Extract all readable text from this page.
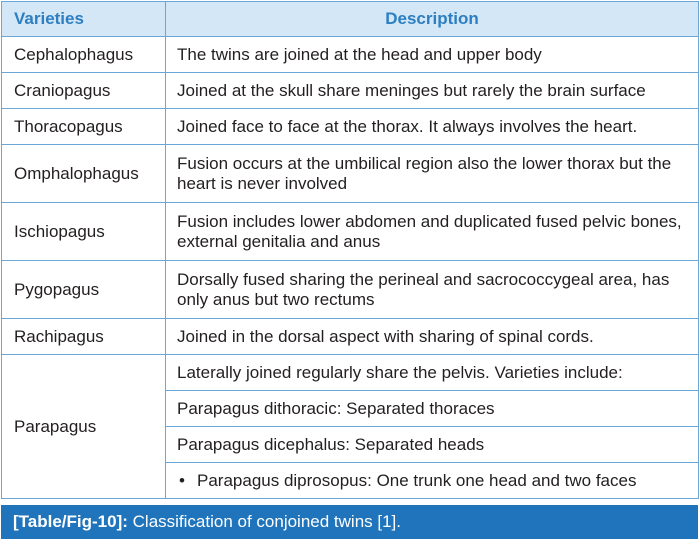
Varieties	Description
Cephalophagus	The twins are joined at the head and upper body
Craniopagus	Joined at the skull share meninges but rarely the brain surface
Thoracopagus	Joined face to face at the thorax. It always involves the heart.
Omphalophagus	Fusion occurs at the umbilical region also the lower thorax but the heart is never involved
Ischiopagus	Fusion includes lower abdomen and duplicated fused pelvic bones, external genitalia and anus
Pygopagus	Dorsally fused sharing the perineal and sacrococcygeal area, has only anus but two rectums
Rachipagus	Joined in the dorsal aspect with sharing of spinal cords.
Parapagus	Laterally joined regularly share the pelvis. Varieties include:
	Parapagus dithoracic: Separated thoraces
	Parapagus dicephalus: Separated heads
	• Parapagus diprosopus: One trunk one head and two faces
[Table/Fig-10]: Classification of conjoined twins [1].
